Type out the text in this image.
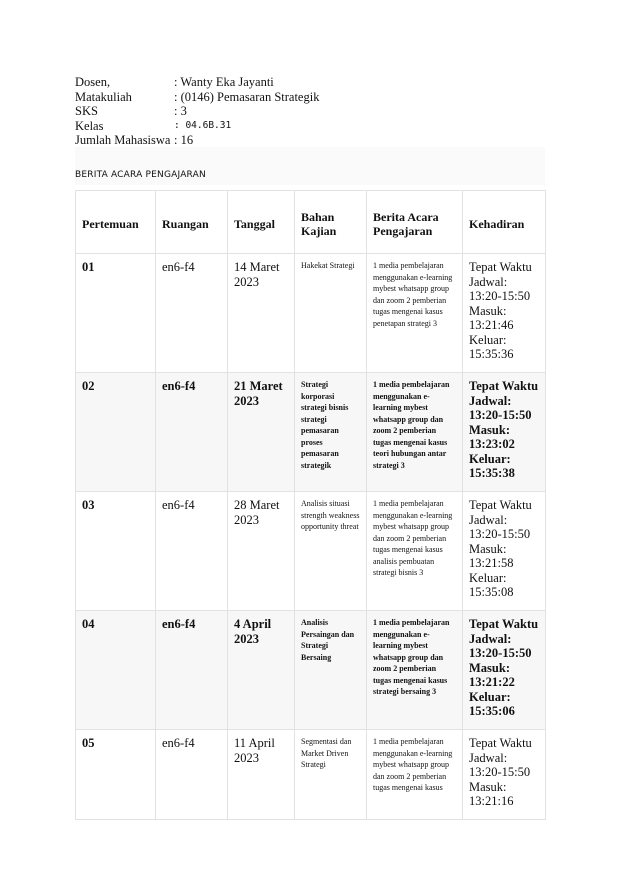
Dosen,	: Wanty Eka Jayanti
Matakuliah	: (0146) Pemasaran Strategik
SKS	: 3
Kelas	: 04.6B.31
Jumlah Mahasiswa : 16
BERITA ACARA PENGAJARAN
Pertemuan	Ruangan	Tanggal	Bahan Kajian	Berita Acara Pengajaran	Kehadiran
01	en6-f4	14 Maret 2023	Hakekat Strategi	1 media pembelajaran menggunakan e-learning mybest whatsapp group dan zoom 2 pemberian tugas mengenai kasus penetapan strategi 3	Tepat Waktu
Jadwal: 13:20-15:50
Masuk: 13:21:46
Keluar: 15:35:36

02	en6-f4	21 Maret 2023	Strategi korporasi strategi bisnis strategi pemasaran proses pemasaran strategik	1 media pembelajaran menggunakan e-learning mybest whatsapp group dan zoom 2 pemberian tugas mengenai kasus teori hubungan antar strategi 3	Tepat Waktu
Jadwal: 13:20-15:50
Masuk: 13:23:02
Keluar: 15:35:38

03	en6-f4	28 Maret 2023	Analisis situasi strength weakness opportunity threat	1 media pembelajaran menggunakan e-learning mybest whatsapp group dan zoom 2 pemberian tugas mengenai kasus analisis pembuatan strategi bisnis 3	Tepat Waktu
Jadwal: 13:20-15:50
Masuk: 13:21:58
Keluar: 15:35:08

04	en6-f4	4 April 2023	Analisis Persaingan dan Strategi Bersaing	1 media pembelajaran menggunakan e-learning mybest whatsapp group dan zoom 2 pemberian tugas mengenai kasus strategi bersaing 3	Tepat Waktu
Jadwal: 13:20-15:50
Masuk: 13:21:22
Keluar: 15:35:06

05	en6-f4	11 April 2023	Segmentasi dan Market Driven Strategi	1 media pembelajaran menggunakan e-learning mybest whatsapp group dan zoom 2 pemberian tugas mengenai kasus	Tepat Waktu
Jadwal: 13:20-15:50
Masuk: 13:21:16
